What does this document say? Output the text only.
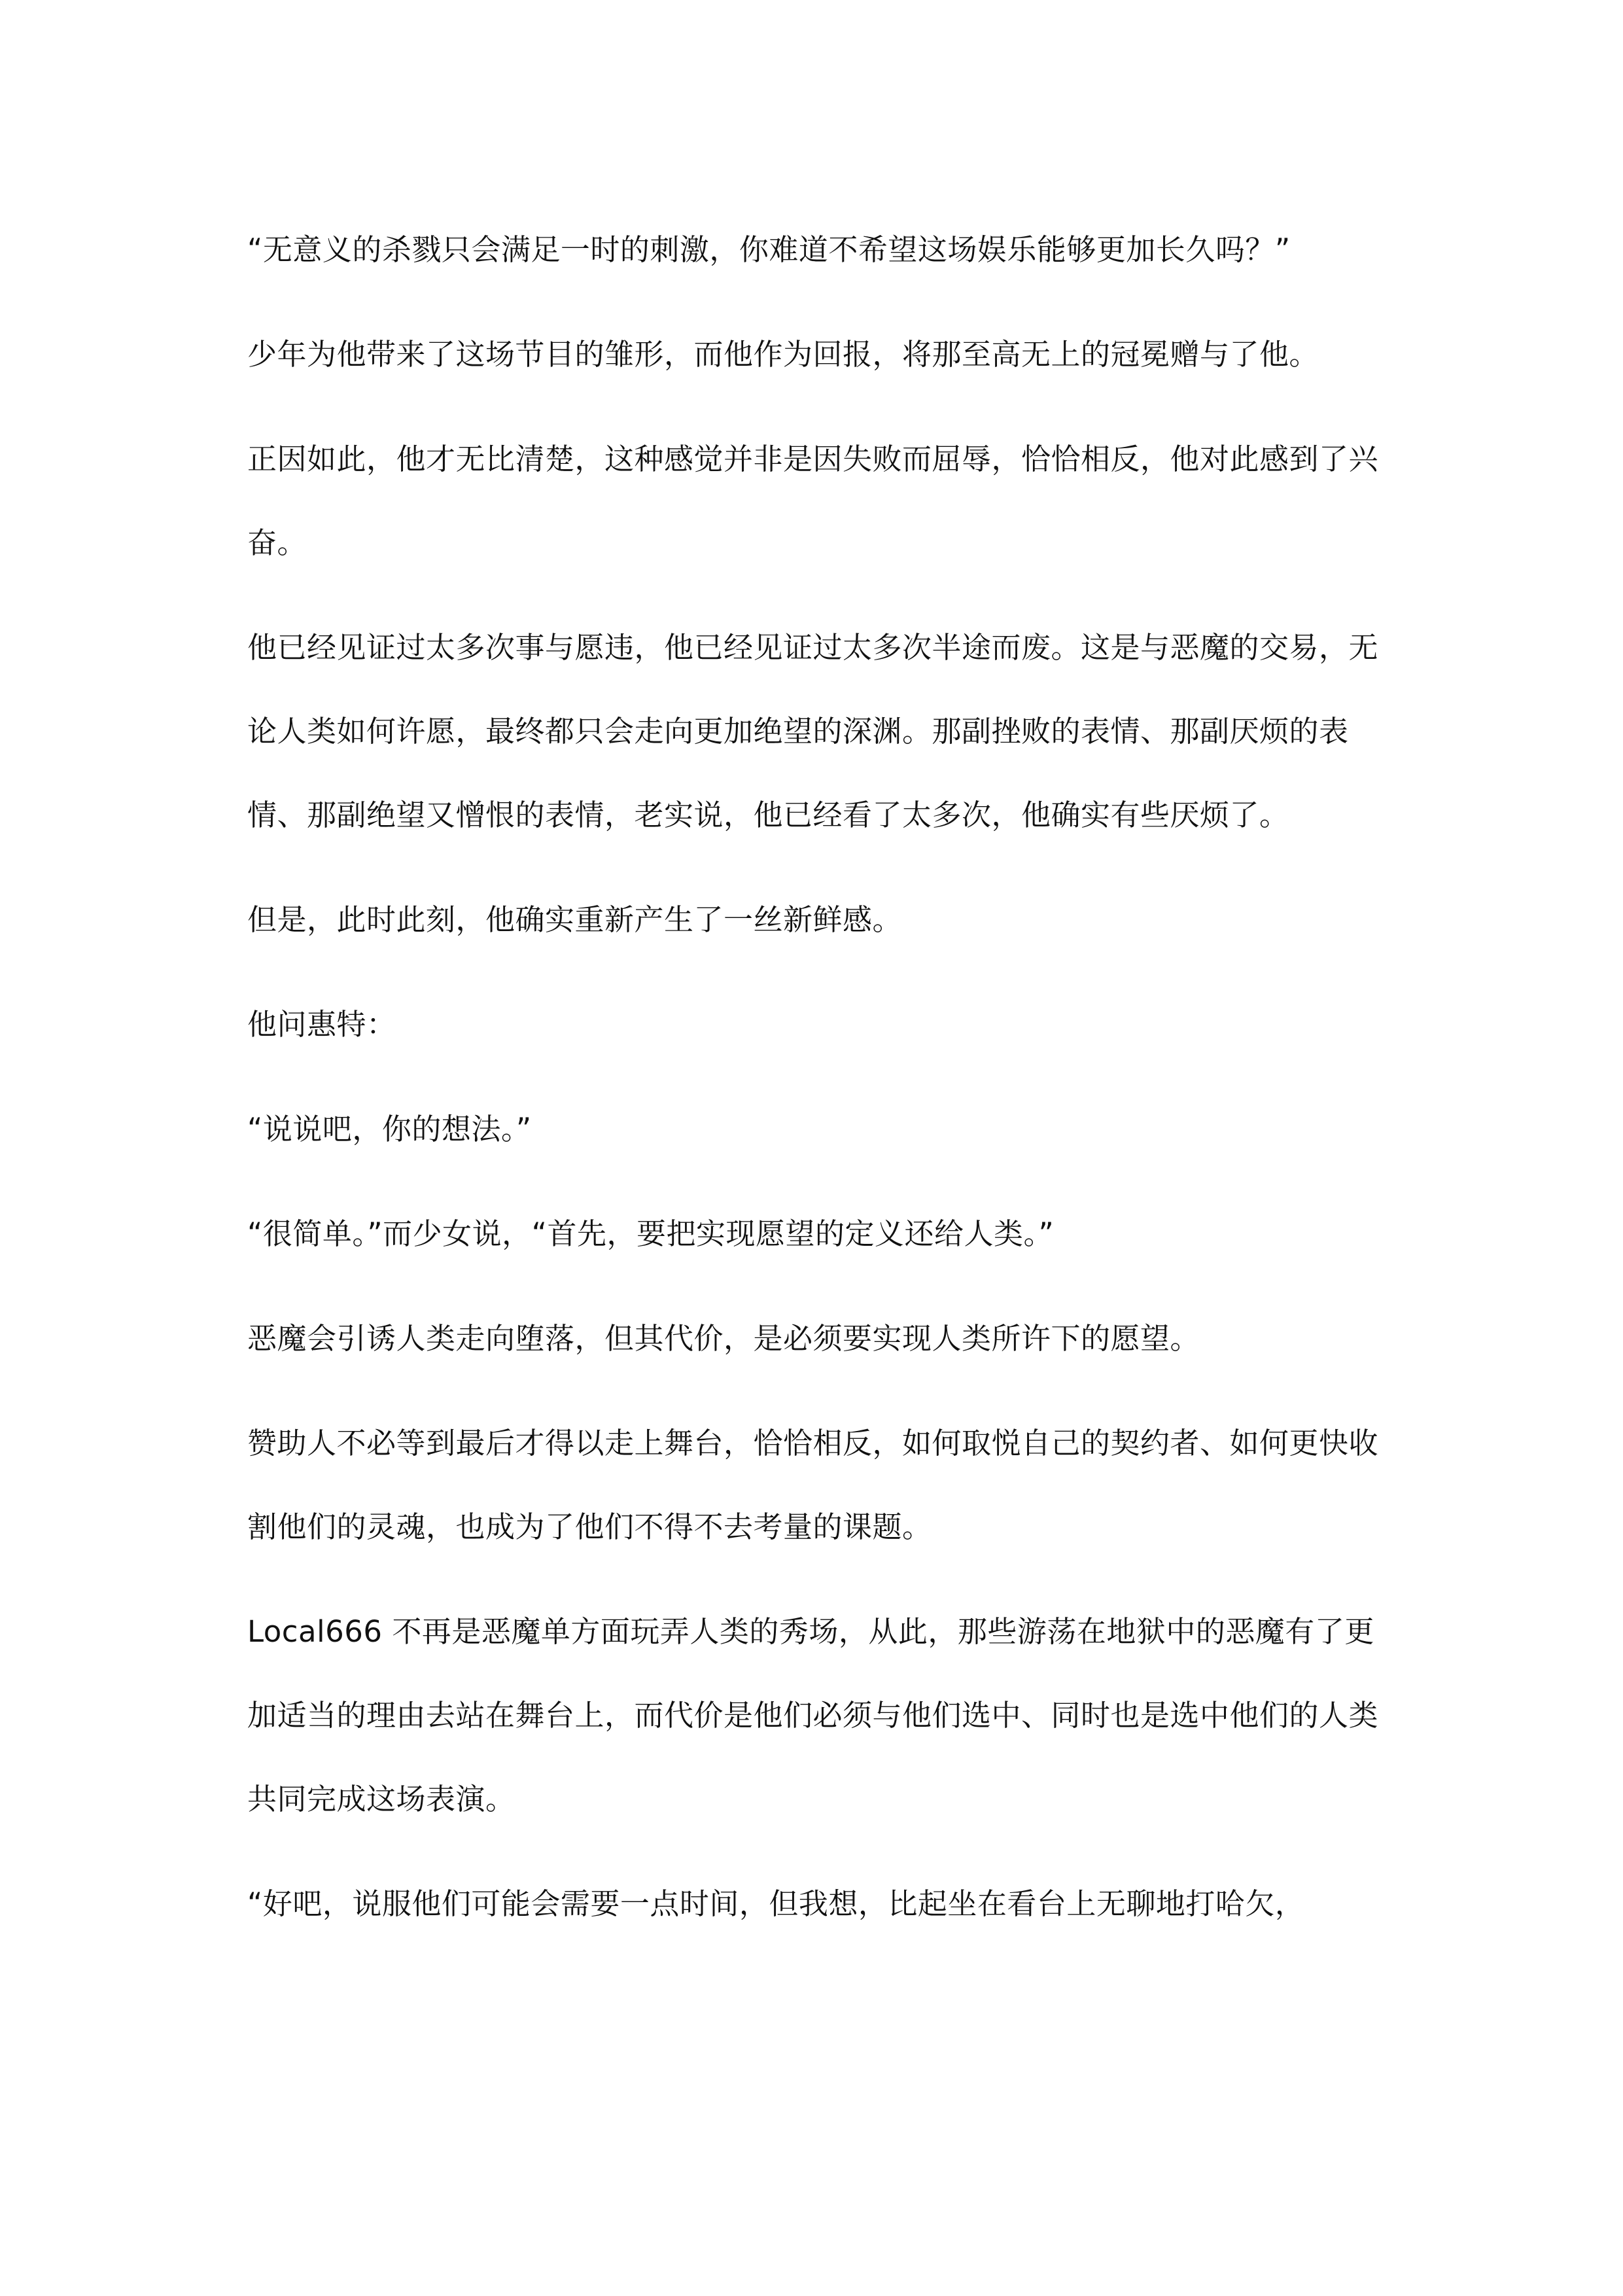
“无意义的杀戮只会满足一时的刺激，你难道不希望这场娱乐能够更加长久吗？”

少年为他带来了这场节目的雏形，而他作为回报，将那至高无上的冠冕赠与了他。

正因如此，他才无比清楚，这种感觉并非是因失败而屈辱，恰恰相反，他对此感到了兴奋。

他已经见证过太多次事与愿违，他已经见证过太多次半途而废。这是与恶魔的交易，无论人类如何许愿，最终都只会走向更加绝望的深渊。那副挫败的表情、那副厌烦的表情、那副绝望又憎恨的表情，老实说，他已经看了太多次，他确实有些厌烦了。

但是，此时此刻，他确实重新产生了一丝新鲜感。

他问惠特：

“说说吧，你的想法。”

“很简单。”而少女说，“首先，要把实现愿望的定义还给人类。”

恶魔会引诱人类走向堕落，但其代价，是必须要实现人类所许下的愿望。

赞助人不必等到最后才得以走上舞台，恰恰相反，如何取悦自己的契约者、如何更快收割他们的灵魂，也成为了他们不得不去考量的课题。

Local666 不再是恶魔单方面玩弄人类的秀场，从此，那些游荡在地狱中的恶魔有了更加适当的理由去站在舞台上，而代价是他们必须与他们选中、同时也是选中他们的人类共同完成这场表演。

“好吧，说服他们可能会需要一点时间，但我想，比起坐在看台上无聊地打哈欠，
